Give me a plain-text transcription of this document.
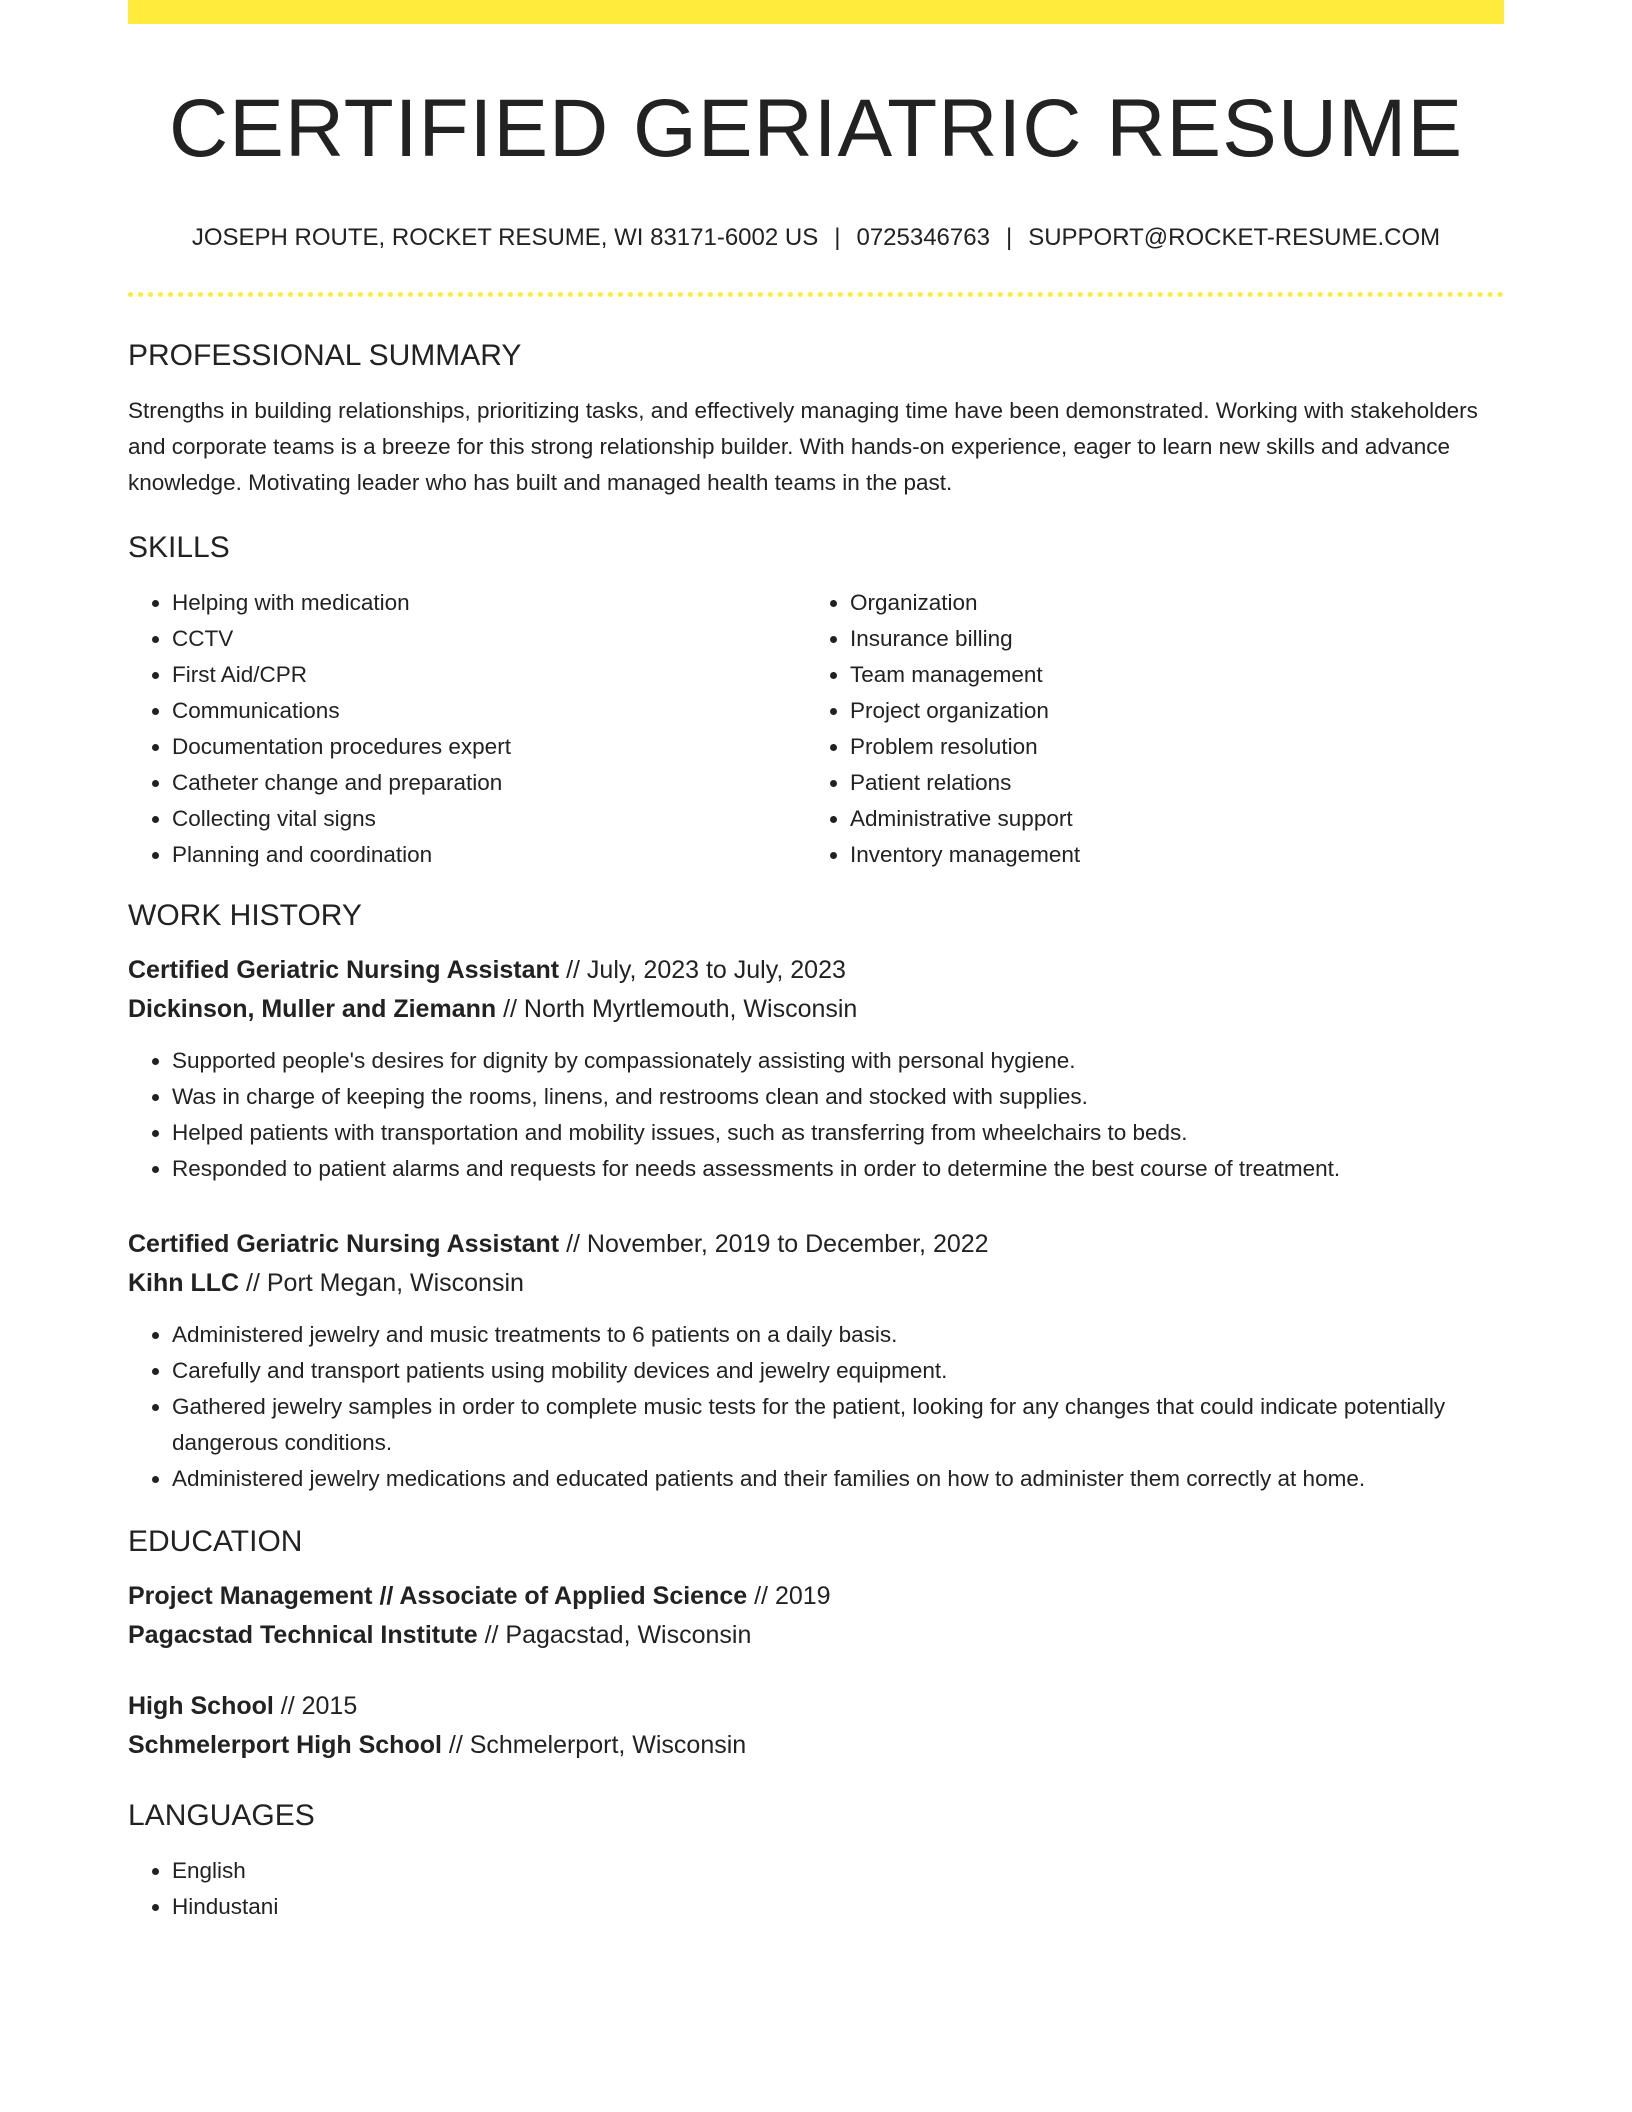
CERTIFIED GERIATRIC RESUME
JOSEPH ROUTE, ROCKET RESUME, WI 83171-6002 US | 0725346763 | SUPPORT@ROCKET-RESUME.COM
PROFESSIONAL SUMMARY

Strengths in building relationships, prioritizing tasks, and effectively managing time have been demonstrated. Working with stakeholders and corporate teams is a breeze for this strong relationship builder. With hands-on experience, eager to learn new skills and advance knowledge. Motivating leader who has built and managed health teams in the past.

SKILLS
• Helping with medication
• CCTV
• First Aid/CPR
• Communications
• Documentation procedures expert
• Catheter change and preparation
• Collecting vital signs
• Planning and coordination
• Organization
• Insurance billing
• Team management
• Project organization
• Problem resolution
• Patient relations
• Administrative support
• Inventory management
WORK HISTORY
Certified Geriatric Nursing Assistant // July, 2023 to July, 2023
Dickinson, Muller and Ziemann // North Myrtlemouth, Wisconsin
• Supported people's desires for dignity by compassionately assisting with personal hygiene.
• Was in charge of keeping the rooms, linens, and restrooms clean and stocked with supplies.
• Helped patients with transportation and mobility issues, such as transferring from wheelchairs to beds.
• Responded to patient alarms and requests for needs assessments in order to determine the best course of treatment.
Certified Geriatric Nursing Assistant // November, 2019 to December, 2022
Kihn LLC // Port Megan, Wisconsin
• Administered jewelry and music treatments to 6 patients on a daily basis.
• Carefully and transport patients using mobility devices and jewelry equipment.
• Gathered jewelry samples in order to complete music tests for the patient, looking for any changes that could indicate potentially dangerous conditions.
• Administered jewelry medications and educated patients and their families on how to administer them correctly at home.
EDUCATION
Project Management // Associate of Applied Science // 2019
Pagacstad Technical Institute // Pagacstad, Wisconsin
High School // 2015
Schmelerport High School // Schmelerport, Wisconsin
LANGUAGES
• English
• Hindustani
